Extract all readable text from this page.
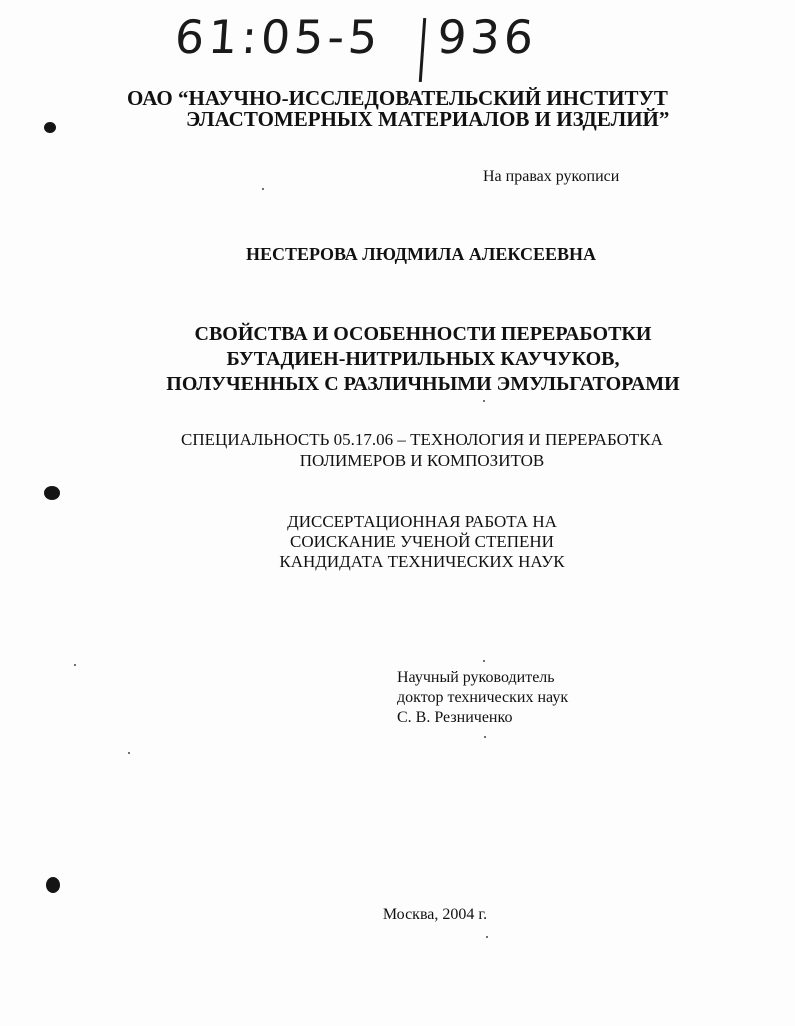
61:05-5 936
ОАО “НАУЧНО-ИССЛЕДОВАТЕЛЬСКИЙ ИНСТИТУТ
ЭЛАСТОМЕРНЫХ МАТЕРИАЛОВ И ИЗДЕЛИЙ”
На правах рукописи
НЕСТЕРОВА ЛЮДМИЛА АЛЕКСЕЕВНА
СВОЙСТВА И ОСОБЕННОСТИ ПЕРЕРАБОТКИ
БУТАДИЕН-НИТРИЛЬНЫХ КАУЧУКОВ,
ПОЛУЧЕННЫХ С РАЗЛИЧНЫМИ ЭМУЛЬГАТОРАМИ
СПЕЦИАЛЬНОСТЬ 05.17.06 – ТЕХНОЛОГИЯ И ПЕРЕРАБОТКА
ПОЛИМЕРОВ И КОМПОЗИТОВ
ДИССЕРТАЦИОННАЯ РАБОТА НА
СОИСКАНИЕ УЧЕНОЙ СТЕПЕНИ
КАНДИДАТА ТЕХНИЧЕСКИХ НАУК
Научный руководитель
доктор технических наук
С. В. Резниченко
Москва, 2004 г.
